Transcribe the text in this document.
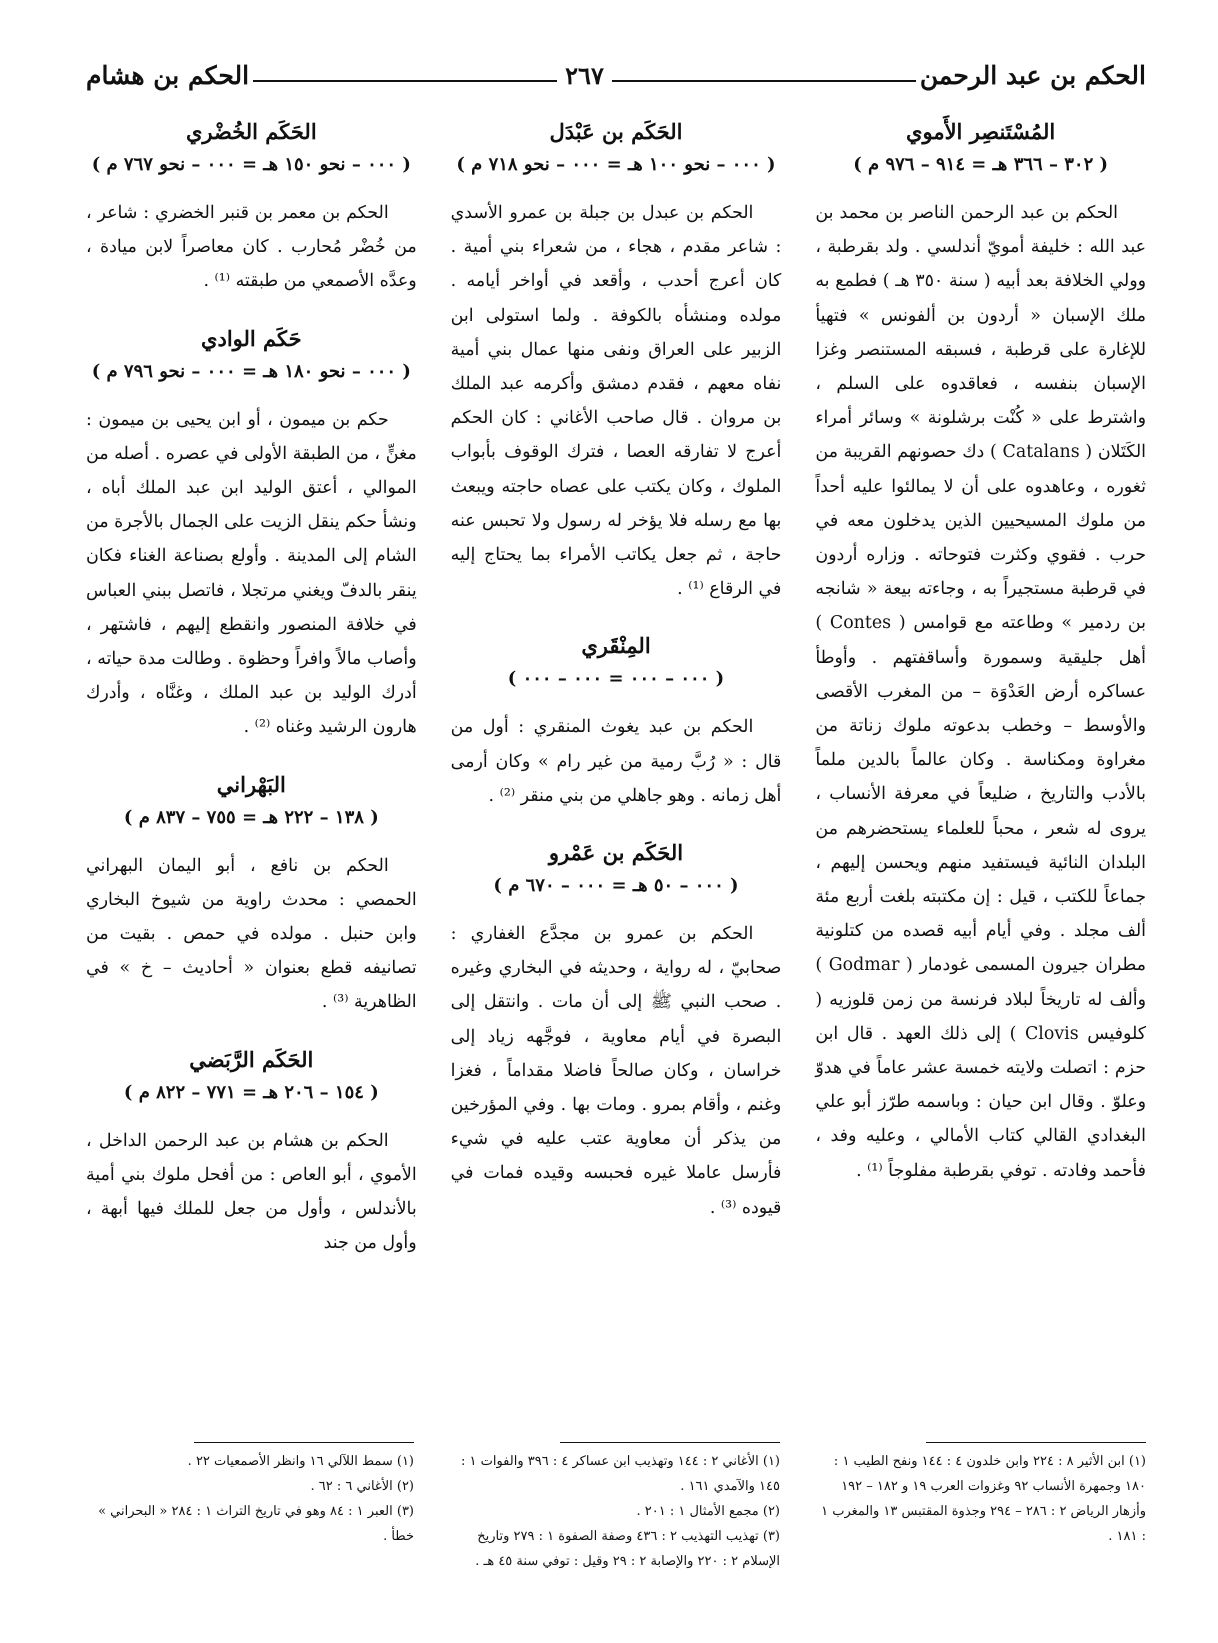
الحكم بن عبد الرحمن
٢٦٧
الحكم بن هشام
المُسْتَنصِر الأَموي
( ٣٠٢ – ٣٦٦ هـ = ٩١٤ – ٩٧٦ م )

الحكم بن عبد الرحمن الناصر بن محمد بن عبد الله : خليفة أمويّ أندلسي . ولد بقرطبة ، وولي الخلافة بعد أبيه ( سنة ٣٥٠ هـ ) فطمع به ملك الإسبان « أردون بن ألفونس » فتهيأ للإغارة على قرطبة ، فسبقه المستنصر وغزا الإسبان بنفسه ، فعاقدوه على السلم ، واشترط على « كُنْت برشلونة » وسائر أمراء الكَتَلان ( Catalans ) دك حصونهم القريبة من ثغوره ، وعاهدوه على أن لا يمالئوا عليه أحداً من ملوك المسيحيين الذين يدخلون معه في حرب . فقوي وكثرت فتوحاته . وزاره أردون في قرطبة مستجيراً به ، وجاءته بيعة « شانجه بن ردمير » وطاعته مع قوامس ( Contes ) أهل جليقية وسمورة وأساقفتهم . وأوطأ عساكره أرض العَدْوَة – من المغرب الأقصى والأوسط – وخطب بدعوته ملوك زناتة من مغراوة ومكناسة . وكان عالماً بالدين ملماً بالأدب والتاريخ ، ضليعاً في معرفة الأنساب ، يروى له شعر ، محباً للعلماء يستحضرهم من البلدان النائية فيستفيد منهم ويحسن إليهم ، جماعاً للكتب ، قيل : إن مكتبته بلغت أربع مئة ألف مجلد . وفي أيام أبيه قصده من كتلونية مطران جيرون المسمى غودمار ( Godmar ) وألف له تاريخاً لبلاد فرنسة من زمن قلوزيه ( كلوفيس Clovis ) إلى ذلك العهد . قال ابن حزم : اتصلت ولايته خمسة عشر عاماً في هدوّ وعلوّ . وقال ابن حيان : وباسمه طرّز أبو علي البغدادي القالي كتاب الأمالي ، وعليه وفد ، فأحمد وفادته . توفي بقرطبة مفلوجاً ⁽¹⁾ .

الحَكَم بن عَبْدَل
( ٠٠٠ – نحو ١٠٠ هـ = ٠٠٠ – نحو ٧١٨ م )

الحكم بن عبدل بن جبلة بن عمرو الأسدي : شاعر مقدم ، هجاء ، من شعراء بني أمية . كان أعرج أحدب ، وأقعد في أواخر أيامه . مولده ومنشأه بالكوفة . ولما استولى ابن الزبير على العراق ونفى منها عمال بني أمية نفاه معهم ، فقدم دمشق وأكرمه عبد الملك بن مروان . قال صاحب الأغاني : كان الحكم أعرج لا تفارقه العصا ، فترك الوقوف بأبواب الملوك ، وكان يكتب على عصاه حاجته ويبعث بها مع رسله فلا يؤخر له رسول ولا تحبس عنه حاجة ، ثم جعل يكاتب الأمراء بما يحتاج إليه في الرقاع ⁽¹⁾ .

المِنْقَري
( ٠٠٠ – ٠٠٠ = ٠٠٠ – ٠٠٠ )

الحكم بن عبد يغوث المنقري : أول من قال : « رُبَّ رمية من غير رام » وكان أرمى أهل زمانه . وهو جاهلي من بني منقر ⁽²⁾ .

الحَكَم بن عَمْرو
( ٠٠٠ – ٥٠ هـ = ٠٠٠ – ٦٧٠ م )

الحكم بن عمرو بن مجدَّع الغفاري : صحابيّ ، له رواية ، وحديثه في البخاري وغيره . صحب النبي ﷺ إلى أن مات . وانتقل إلى البصرة في أيام معاوية ، فوجَّهه زياد إلى خراسان ، وكان صالحاً فاضلا مقداماً ، فغزا وغنم ، وأقام بمرو . ومات بها . وفي المؤرخين من يذكر أن معاوية عتب عليه في شيء فأرسل عاملا غيره فحبسه وقيده فمات في قيوده ⁽³⁾ .

الحَكَم الخُضْري
( ٠٠٠ – نحو ١٥٠ هـ = ٠٠٠ – نحو ٧٦٧ م )

الحكم بن معمر بن قنبر الخضري : شاعر ، من خُضْر مُحارب . كان معاصراً لابن ميادة ، وعدَّه الأصمعي من طبقته ⁽¹⁾ .

حَكَم الوادي
( ٠٠٠ – نحو ١٨٠ هـ = ٠٠٠ – نحو ٧٩٦ م )

حكم بن ميمون ، أو ابن يحيى بن ميمون : مغنٍّ ، من الطبقة الأولى في عصره . أصله من الموالي ، أعتق الوليد ابن عبد الملك أباه ، ونشأ حكم ينقل الزيت على الجمال بالأجرة من الشام إلى المدينة . وأولع بصناعة الغناء فكان ينقر بالدفّ ويغني مرتجلا ، فاتصل ببني العباس في خلافة المنصور وانقطع إليهم ، فاشتهر ، وأصاب مالاً وافراً وحظوة . وطالت مدة حياته ، أدرك الوليد بن عبد الملك ، وغنَّاه ، وأدرك هارون الرشيد وغناه ⁽²⁾ .

البَهْراني
( ١٣٨ – ٢٢٢ هـ = ٧٥٥ – ٨٣٧ م )

الحكم بن نافع ، أبو اليمان البهراني الحمصي : محدث راوية من شيوخ البخاري وابن حنبل . مولده في حمص . بقيت من تصانيفه قطع بعنوان « أحاديث – خ » في الظاهرية ⁽³⁾ .

الحَكَم الرَّبَضي
( ١٥٤ – ٢٠٦ هـ = ٧٧١ – ٨٢٢ م )

الحكم بن هشام بن عبد الرحمن الداخل ، الأموي ، أبو العاص : من أفحل ملوك بني أمية بالأندلس ، وأول من جعل للملك فيها أبهة ، وأول من جند

(١) ابن الأثير ٨ : ٢٢٤ وابن خلدون ٤ : ١٤٤ ونفح الطيب ١ : ١٨٠ وجمهرة الأنساب ٩٢ وغزوات العرب ١٩ و ١٨٢ – ١٩٢ وأزهار الرياض ٢ : ٢٨٦ – ٢٩٤ وجذوة المقتبس ١٣ والمغرب ١ : ١٨١ .

(١) الأغاني ٢ : ١٤٤ وتهذيب ابن عساكر ٤ : ٣٩٦ والفوات ١ : ١٤٥ والآمدي ١٦١ .

(٢) مجمع الأمثال ١ : ٢٠١ .

(٣) تهذيب التهذيب ٢ : ٤٣٦ وصفة الصفوة ١ : ٢٧٩ وتاريخ الإسلام ٢ : ٢٢٠ والإصابة ٢ : ٢٩ وقيل : توفي سنة ٤٥ هـ .

(١) سمط اللآلي ١٦ وانظر الأصمعيات ٢٢ .

(٢) الأغاني ٦ : ٦٢ .

(٣) العبر ١ : ٨٤ وهو في تاريخ التراث ١ : ٢٨٤ « البحراني » خطأ .
